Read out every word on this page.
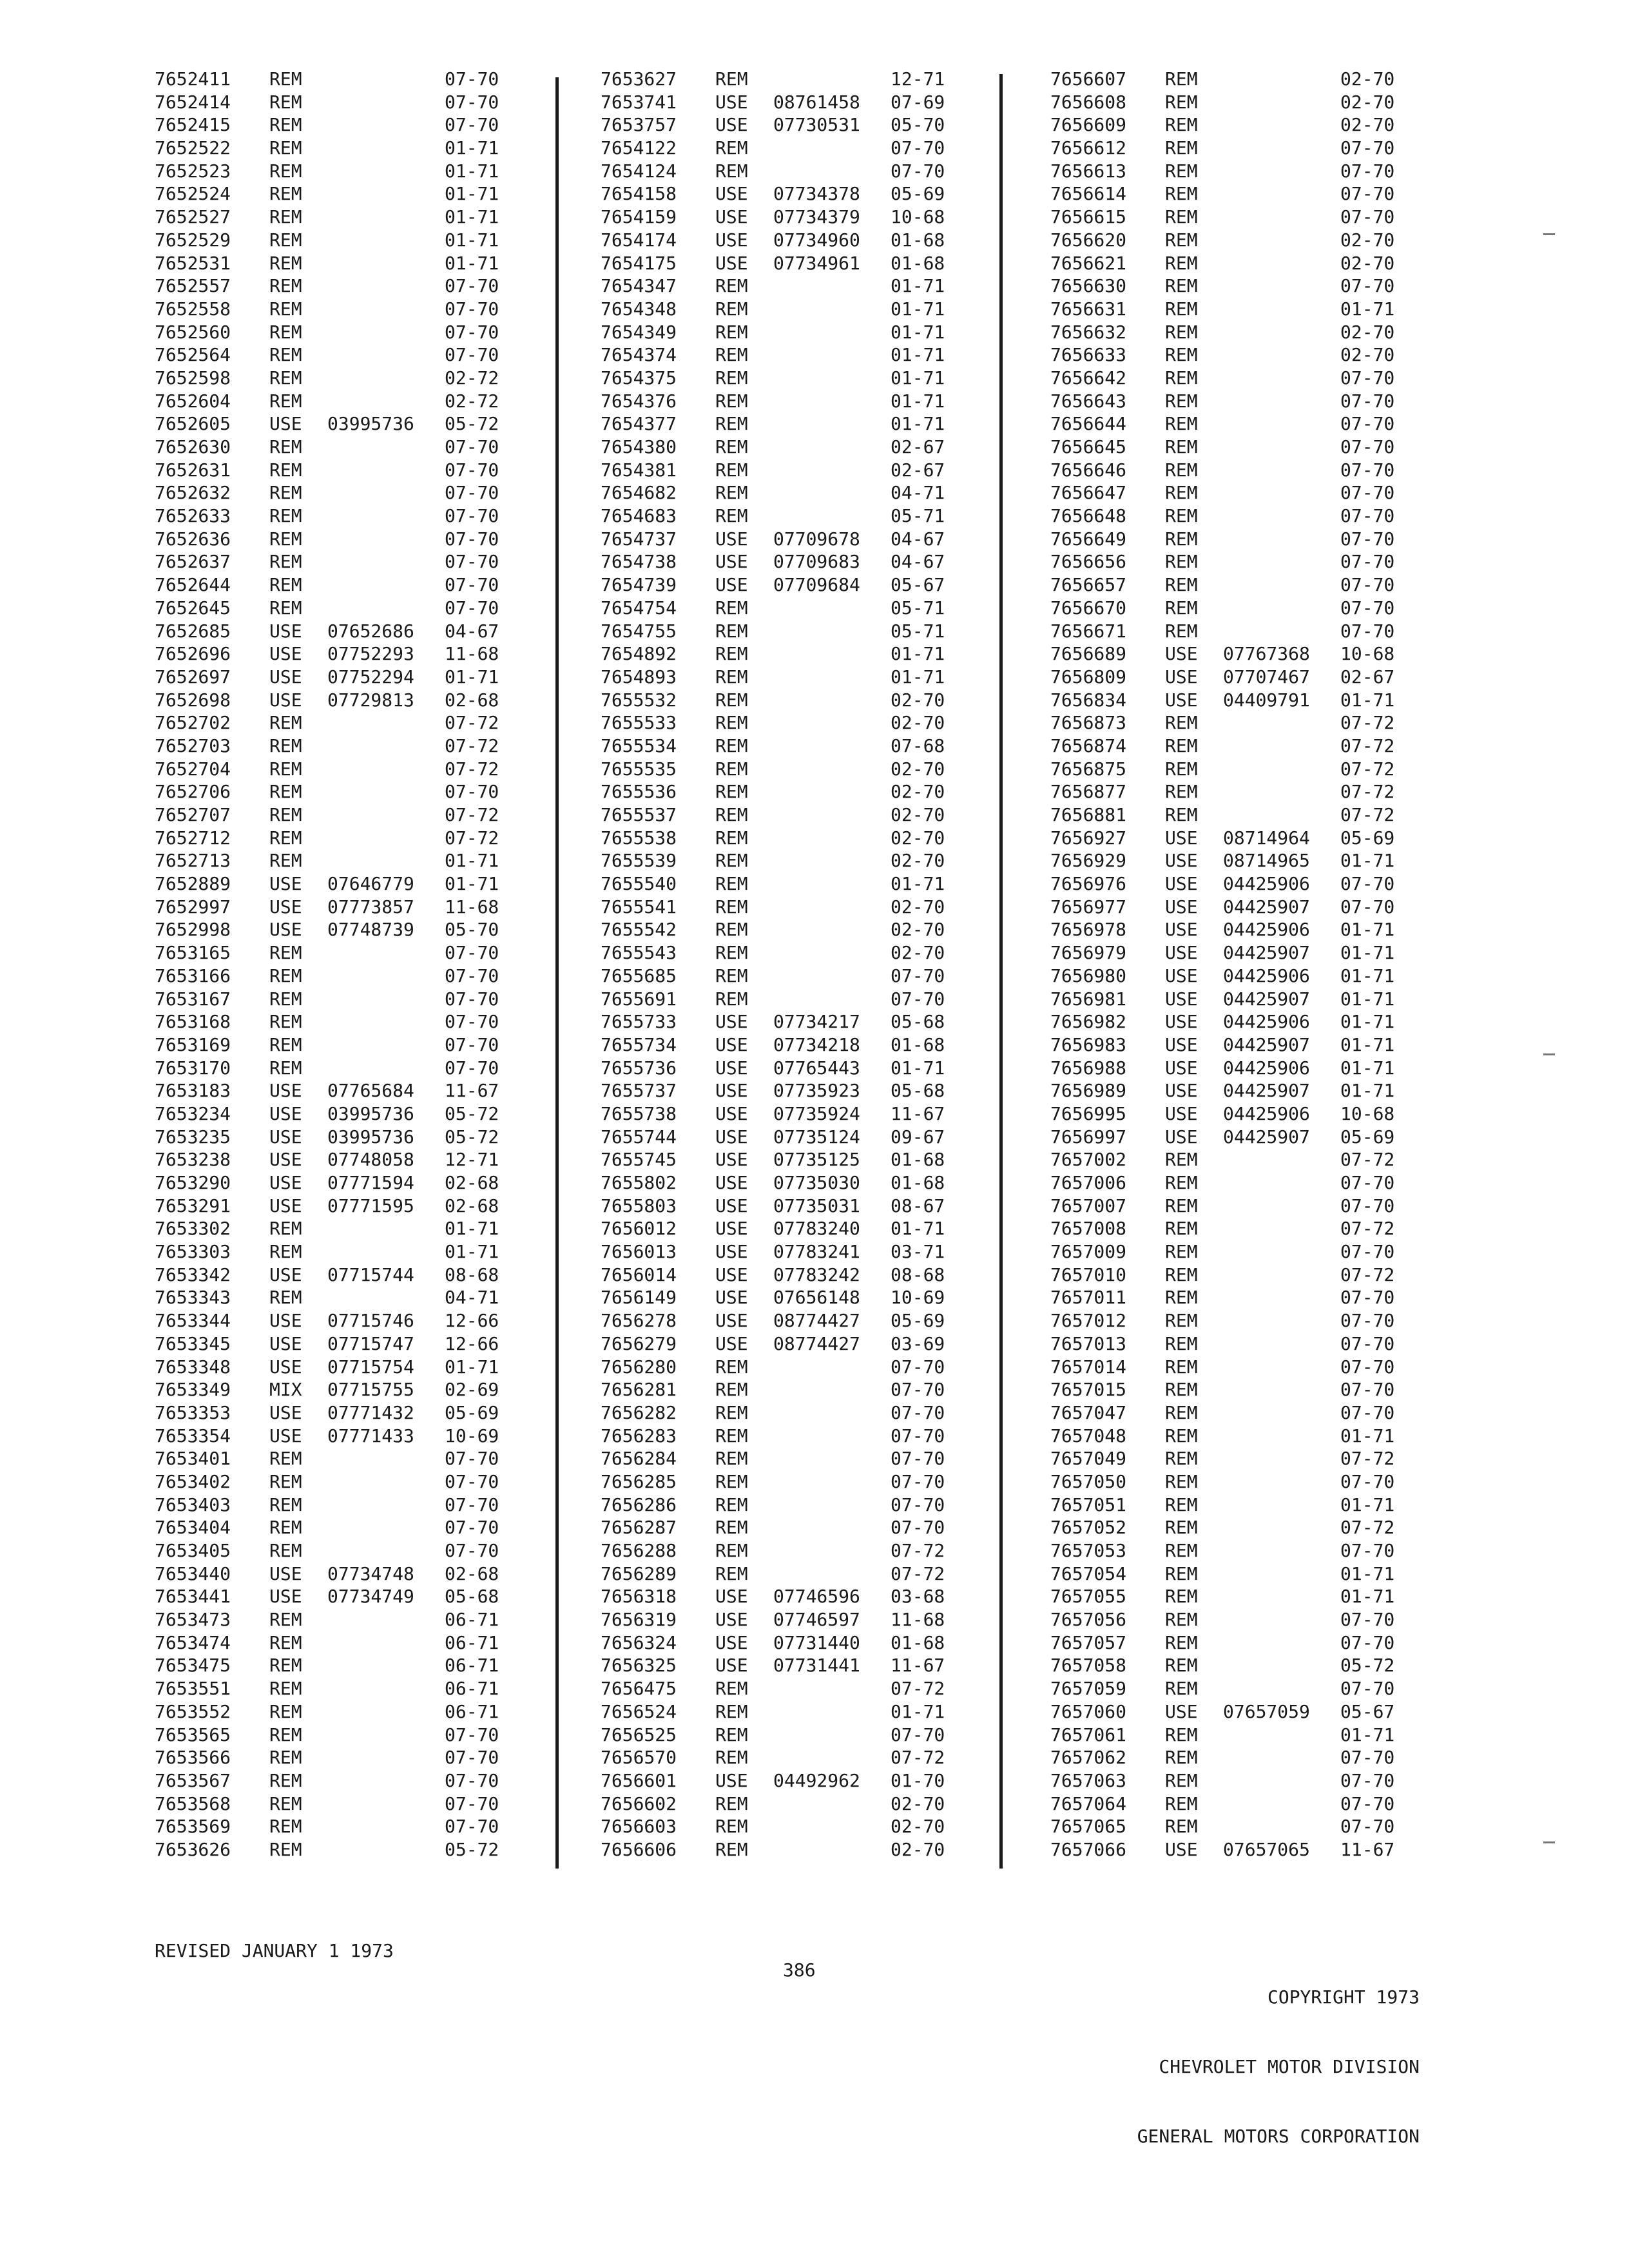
7652411 REM	07-70
7652414 REM	07-70
7652415 REM	07-70
7652522 REM	01-71
7652523 REM	01-71
7652524 REM	01-71
7652527 REM	01-71
7652529 REM	01-71
7652531 REM	01-71
7652557 REM	07-70
7652558 REM	07-70
7652560 REM	07-70
7652564 REM	07-70
7652598 REM	02-72
7652604 REM	02-72
7652605 USE 03995736 05-72
7652630 REM	07-70
7652631 REM	07-70
7652632 REM	07-70
7652633 REM	07-70
7652636 REM	07-70
7652637 REM	07-70
7652644 REM	07-70
7652645 REM	07-70
7652685 USE 07652686 04-67
7652696 USE 07752293 11-68
7652697 USE 07752294 01-71
7652698 USE 07729813 02-68
7652702 REM	07-72
7652703 REM	07-72
7652704 REM	07-72
7652706 REM	07-70
7652707 REM	07-72
7652712 REM	07-72
7652713 REM	01-71
7652889 USE 07646779 01-71
7652997 USE 07773857 11-68
7652998 USE 07748739 05-70
7653165 REM	07-70
7653166 REM	07-70
7653167 REM	07-70
7653168 REM	07-70
7653169 REM	07-70
7653170 REM	07-70
7653183 USE 07765684 11-67
7653234 USE 03995736 05-72
7653235 USE 03995736 05-72
7653238 USE 07748058 12-71
7653290 USE 07771594 02-68
7653291 USE 07771595 02-68
7653302 REM	01-71
7653303 REM	01-71
7653342 USE 07715744 08-68
7653343 REM	04-71
7653344 USE 07715746 12-66
7653345 USE 07715747 12-66
7653348 USE 07715754 01-71
7653349 MIX 07715755 02-69
7653353 USE 07771432 05-69
7653354 USE 07771433 10-69
7653401 REM	07-70
7653402 REM	07-70
7653403 REM	07-70
7653404 REM	07-70
7653405 REM	07-70
7653440 USE 07734748 02-68
7653441 USE 07734749 05-68
7653473 REM	06-71
7653474 REM	06-71
7653475 REM	06-71
7653551 REM	06-71
7653552 REM	06-71
7653565 REM	07-70
7653566 REM	07-70
7653567 REM	07-70
7653568 REM	07-70
7653569 REM	07-70
7653626 REM	05-72
7653627 REM	12-71
7653741 USE 08761458 07-69
7653757 USE 07730531 05-70
7654122 REM	07-70
7654124 REM	07-70
7654158 USE 07734378 05-69
7654159 USE 07734379 10-68
7654174 USE 07734960 01-68
7654175 USE 07734961 01-68
7654347 REM	01-71
7654348 REM	01-71
7654349 REM	01-71
7654374 REM	01-71
7654375 REM	01-71
7654376 REM	01-71
7654377 REM	01-71
7654380 REM	02-67
7654381 REM	02-67
7654682 REM	04-71
7654683 REM	05-71
7654737 USE 07709678 04-67
7654738 USE 07709683 04-67
7654739 USE 07709684 05-67
7654754 REM	05-71
7654755 REM	05-71
7654892 REM	01-71
7654893 REM	01-71
7655532 REM	02-70
7655533 REM	02-70
7655534 REM	07-68
7655535 REM	02-70
7655536 REM	02-70
7655537 REM	02-70
7655538 REM	02-70
7655539 REM	02-70
7655540 REM	01-71
7655541 REM	02-70
7655542 REM	02-70
7655543 REM	02-70
7655685 REM	07-70
7655691 REM	07-70
7655733 USE 07734217 05-68
7655734 USE 07734218 01-68
7655736 USE 07765443 01-71
7655737 USE 07735923 05-68
7655738 USE 07735924 11-67
7655744 USE 07735124 09-67
7655745 USE 07735125 01-68
7655802 USE 07735030 01-68
7655803 USE 07735031 08-67
7656012 USE 07783240 01-71
7656013 USE 07783241 03-71
7656014 USE 07783242 08-68
7656149 USE 07656148 10-69
7656278 USE 08774427 05-69
7656279 USE 08774427 03-69
7656280 REM	07-70
7656281 REM	07-70
7656282 REM	07-70
7656283 REM	07-70
7656284 REM	07-70
7656285 REM	07-70
7656286 REM	07-70
7656287 REM	07-70
7656288 REM	07-72
7656289 REM	07-72
7656318 USE 07746596 03-68
7656319 USE 07746597 11-68
7656324 USE 07731440 01-68
7656325 USE 07731441 11-67
7656475 REM	07-72
7656524 REM	01-71
7656525 REM	07-70
7656570 REM	07-72
7656601 USE 04492962 01-70
7656602 REM	02-70
7656603 REM	02-70
7656606 REM	02-70
7656607 REM	02-70
7656608 REM	02-70
7656609 REM	02-70
7656612 REM	07-70
7656613 REM	07-70
7656614 REM	07-70
7656615 REM	07-70
7656620 REM	02-70
7656621 REM	02-70
7656630 REM	07-70
7656631 REM	01-71
7656632 REM	02-70
7656633 REM	02-70
7656642 REM	07-70
7656643 REM	07-70
7656644 REM	07-70
7656645 REM	07-70
7656646 REM	07-70
7656647 REM	07-70
7656648 REM	07-70
7656649 REM	07-70
7656656 REM	07-70
7656657 REM	07-70
7656670 REM	07-70
7656671 REM	07-70
7656689 USE 07767368 10-68
7656809 USE 07707467 02-67
7656834 USE 04409791 01-71
7656873 REM	07-72
7656874 REM	07-72
7656875 REM	07-72
7656877 REM	07-72
7656881 REM	07-72
7656927 USE 08714964 05-69
7656929 USE 08714965 01-71
7656976 USE 04425906 07-70
7656977 USE 04425907 07-70
7656978 USE 04425906 01-71
7656979 USE 04425907 01-71
7656980 USE 04425906 01-71
7656981 USE 04425907 01-71
7656982 USE 04425906 01-71
7656983 USE 04425907 01-71
7656988 USE 04425906 01-71
7656989 USE 04425907 01-71
7656995 USE 04425906 10-68
7656997 USE 04425907 05-69
7657002 REM	07-72
7657006 REM	07-70
7657007 REM	07-70
7657008 REM	07-72
7657009 REM	07-70
7657010 REM	07-72
7657011 REM	07-70
7657012 REM	07-70
7657013 REM	07-70
7657014 REM	07-70
7657015 REM	07-70
7657047 REM	07-70
7657048 REM	01-71
7657049 REM	07-72
7657050 REM	07-70
7657051 REM	01-71
7657052 REM	07-72
7657053 REM	07-70
7657054 REM	01-71
7657055 REM	01-71
7657056 REM	07-70
7657057 REM	07-70
7657058 REM	05-72
7657059 REM	07-70
7657060 USE 07657059 05-67
7657061 REM	01-71
7657062 REM	07-70
7657063 REM	07-70
7657064 REM	07-70
7657065 REM	07-70
7657066 USE 07657065 11-67
REVISED JANUARY 1 1973
386

COPYRIGHT 1973

CHEVROLET MOTOR DIVISION

GENERAL MOTORS CORPORATION
